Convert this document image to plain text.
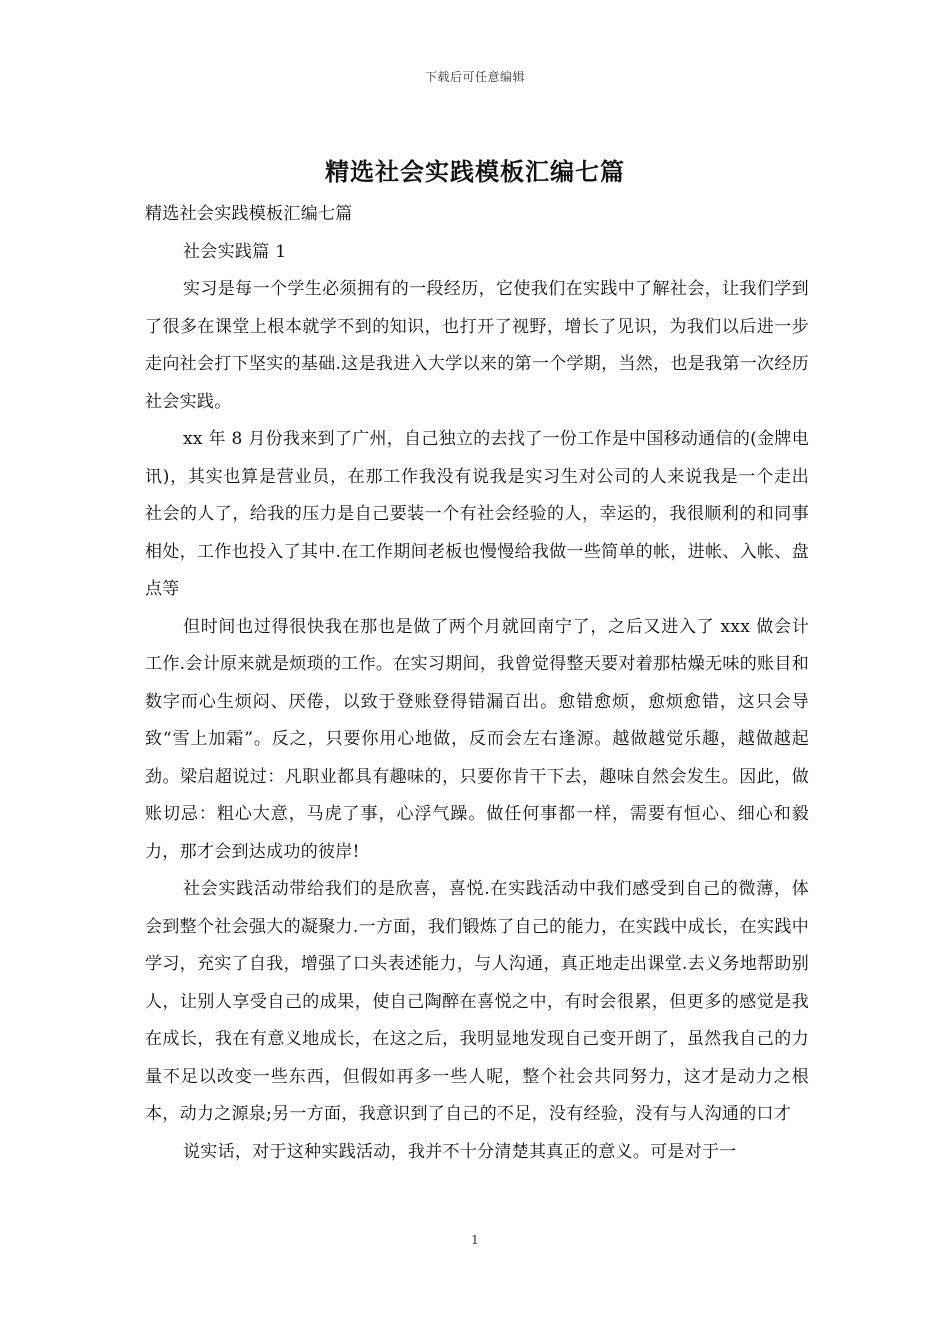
下载后可任意编辑
精选社会实践模板汇编七篇

精选社会实践模板汇编七篇

社会实践篇 1

实习是每一个学生必须拥有的一段经历，它使我们在实践中了解社会，让我们学到了很多在课堂上根本就学不到的知识，也打开了视野，增长了见识，为我们以后进一步走向社会打下坚实的基础.这是我进入大学以来的第一个学期，当然，也是我第一次经历社会实践。

xx 年 8 月份我来到了广州，自己独立的去找了一份工作是中国移动通信的(金牌电讯)，其实也算是营业员，在那工作我没有说我是实习生对公司的人来说我是一个走出社会的人了，给我的压力是自己要装一个有社会经验的人，幸运的，我很顺利的和同事相处，工作也投入了其中.在工作期间老板也慢慢给我做一些简单的帐，进帐、入帐、盘点等

但时间也过得很快我在那也是做了两个月就回南宁了，之后又进入了 xxx 做会计工作.会计原来就是烦琐的工作。在实习期间，我曾觉得整天要对着那枯燥无味的账目和数字而心生烦闷、厌倦，以致于登账登得错漏百出。愈错愈烦，愈烦愈错，这只会导致“雪上加霜”。反之，只要你用心地做，反而会左右逢源。越做越觉乐趣，越做越起劲。梁启超说过：凡职业都具有趣味的，只要你肯干下去，趣味自然会发生。因此，做账切忌：粗心大意，马虎了事，心浮气躁。做任何事都一样，需要有恒心、细心和毅力，那才会到达成功的彼岸!

社会实践活动带给我们的是欣喜，喜悦.在实践活动中我们感受到自己的微薄，体会到整个社会强大的凝聚力.一方面，我们锻炼了自己的能力，在实践中成长，在实践中学习，充实了自我，增强了口头表述能力，与人沟通，真正地走出课堂.去义务地帮助别人，让别人享受自己的成果，使自己陶醉在喜悦之中，有时会很累，但更多的感觉是我在成长，我在有意义地成长，在这之后，我明显地发现自己变开朗了，虽然我自己的力量不足以改变一些东西，但假如再多一些人呢，整个社会共同努力，这才是动力之根本，动力之源泉;另一方面，我意识到了自己的不足，没有经验，没有与人沟通的口才

说实话，对于这种实践活动，我并不十分清楚其真正的意义。可是对于一

1
